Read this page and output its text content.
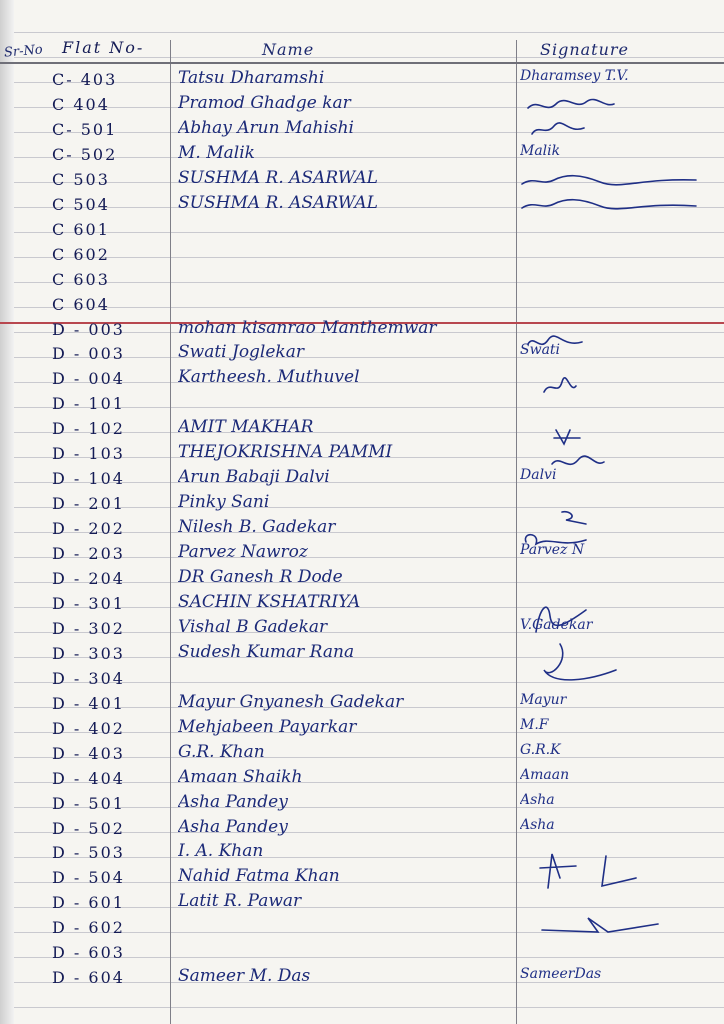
Sr-No Flat No-	Name	Signature
C- 403	Tatsu Dharamshi	Dharamsey T.V.
C 404	Pramod Ghadge kar
C- 501	Abhay Arun Mahishi
C- 502	M. Malik	Malik
C 503	SUSHMA R. ASARWAL
C 504	SUSHMA R. ASARWAL
C 601
C 602
C 603
C 604
D - 003	mohan kisanrao Manthemwar
D - 003	Swati Joglekar	Swati
D - 004	Kartheesh. Muthuvel
D - 101
D - 102	AMIT MAKHAR
D - 103	THEJOKRISHNA PAMMI
D - 104	Arun Babaji Dalvi	Dalvi
D - 201	Pinky Sani
D - 202	Nilesh B. Gadekar
D - 203	Parvez Nawroz	Parvez N
D - 204	DR Ganesh R Dode
D - 301	SACHIN KSHATRIYA
D - 302	Vishal B Gadekar	V.Gadekar
D - 303	Sudesh Kumar Rana
D - 304
D - 401	Mayur Gnyanesh Gadekar	Mayur
D - 402	Mehjabeen Payarkar	M.F
D - 403	G.R. Khan	G.R.K
D - 404	Amaan Shaikh	Amaan
D - 501	Asha Pandey	Asha
D - 502	Asha Pandey	Asha
D - 503	I. A. Khan
D - 504	Nahid Fatma Khan
D - 601	Latit R. Pawar
D - 602
D - 603
D - 604	Sameer M. Das	SameerDas
